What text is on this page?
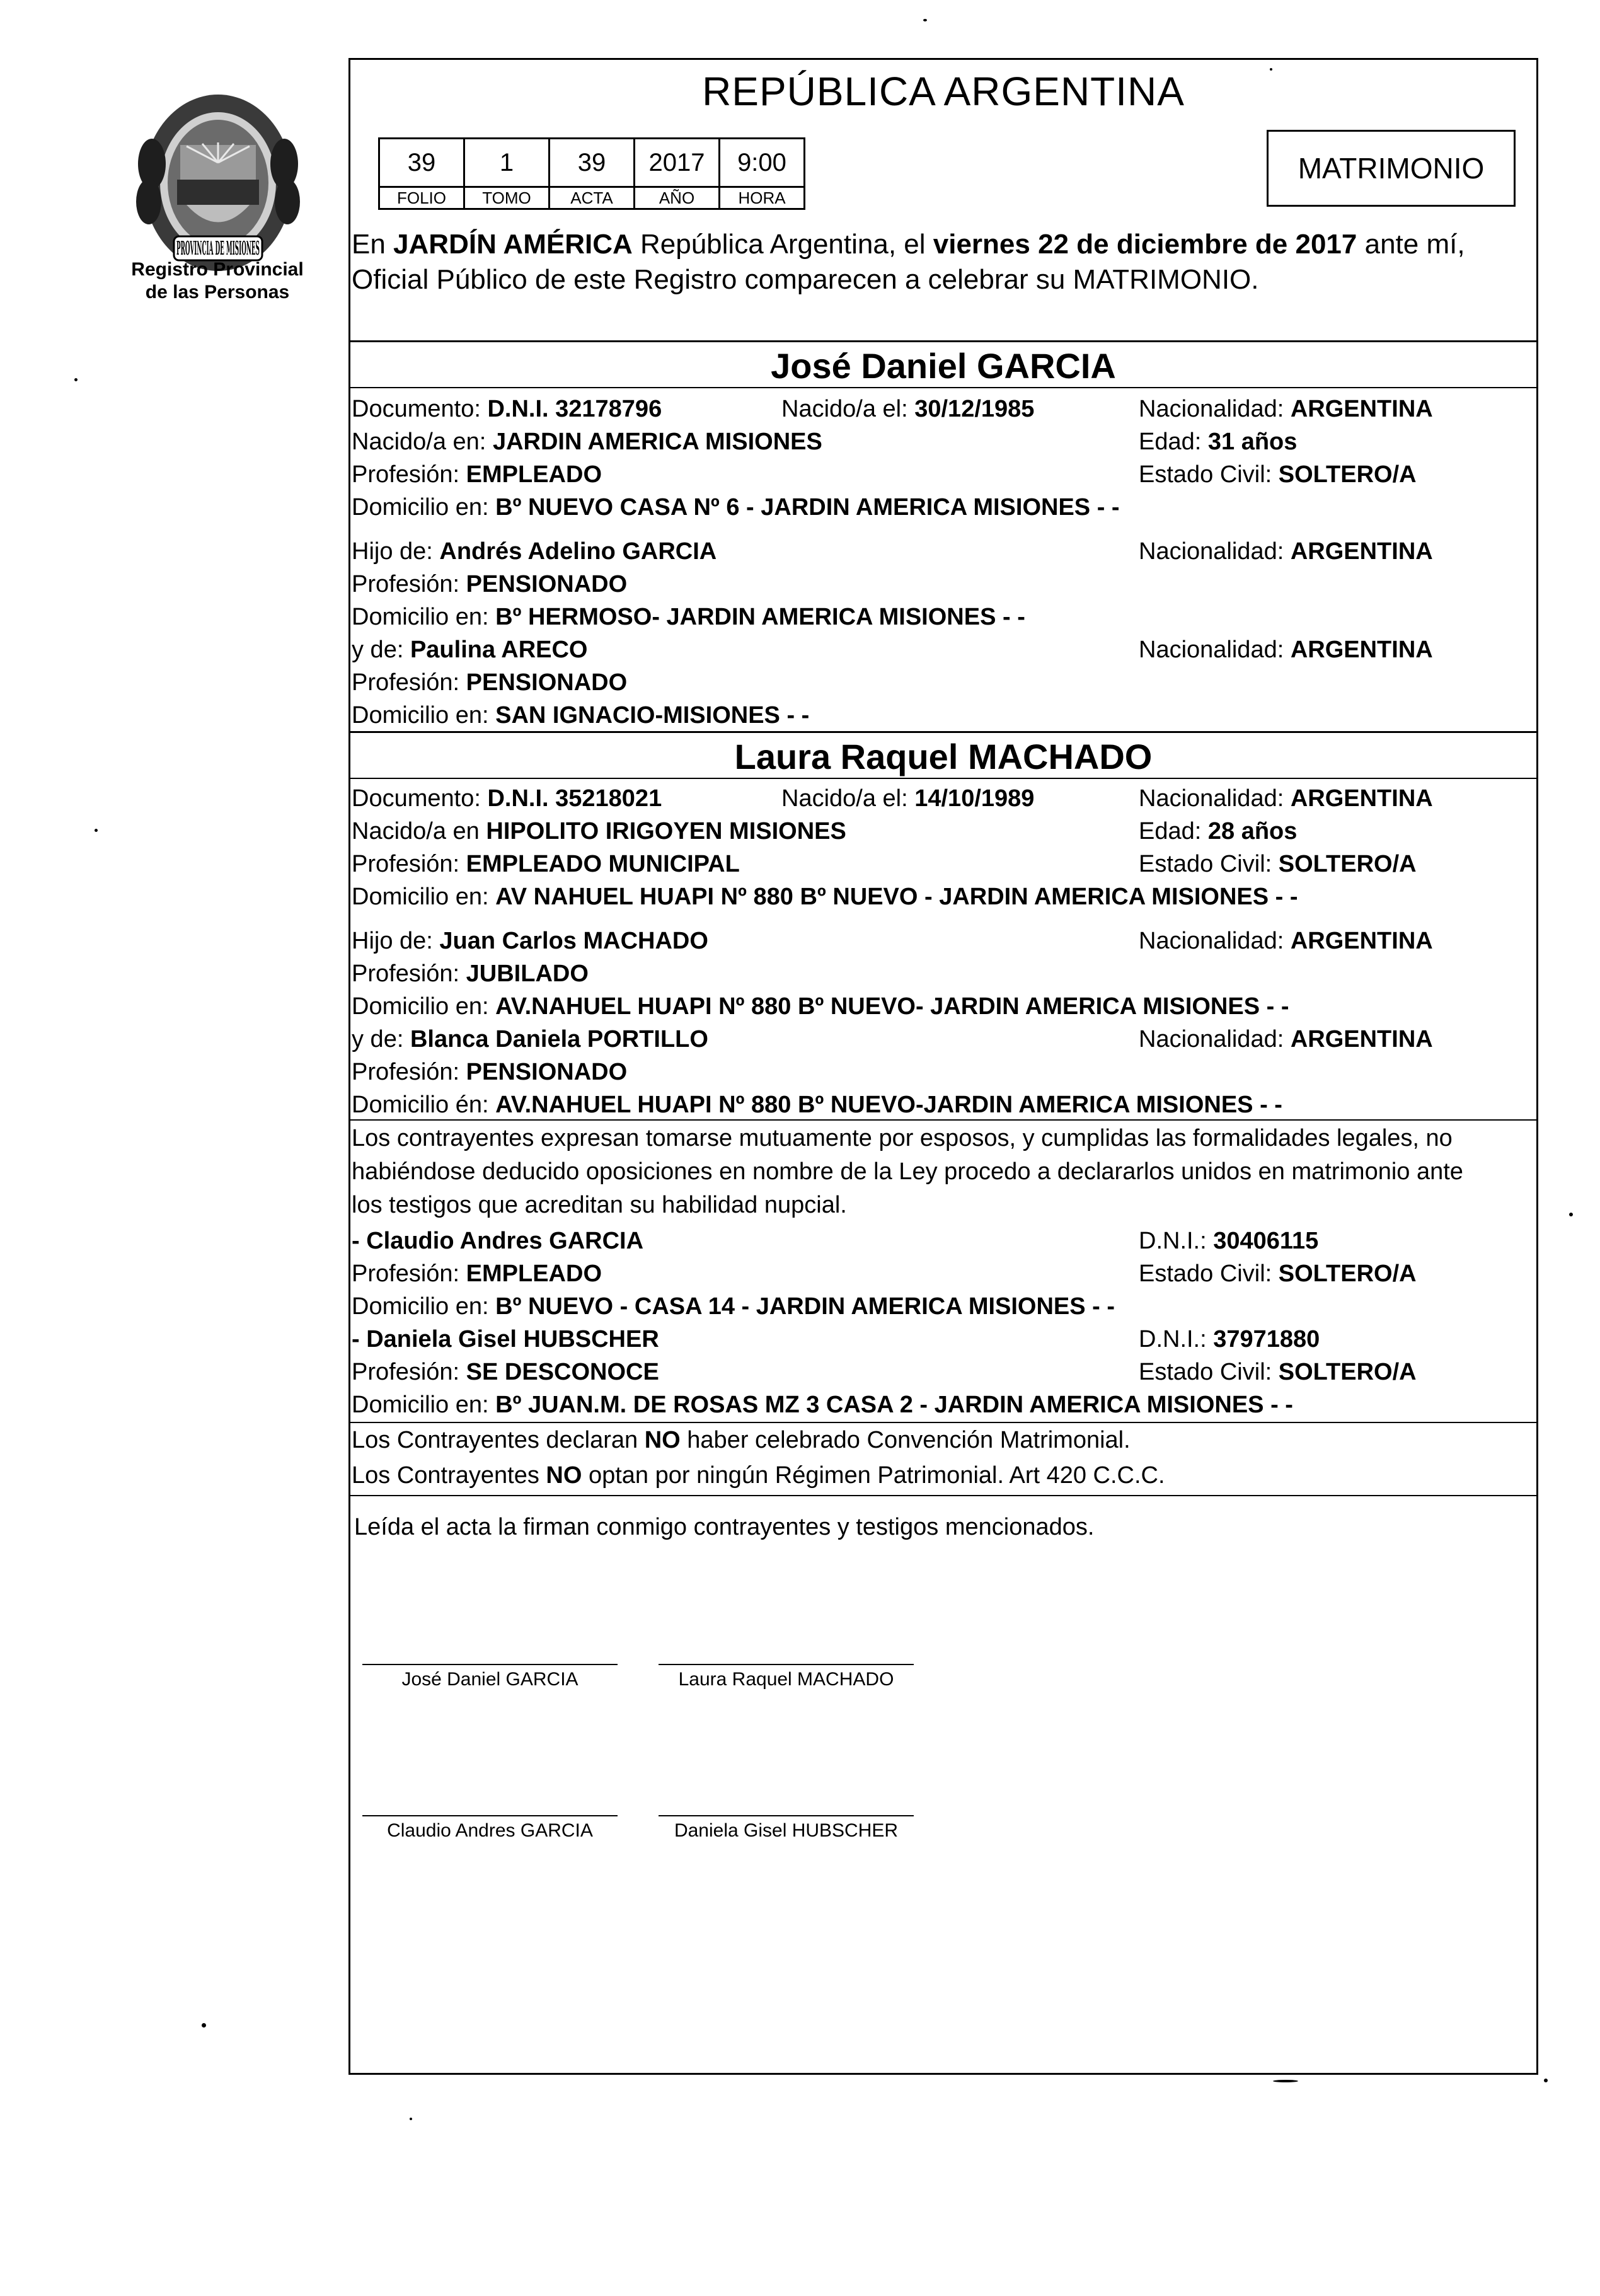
PROVINCIA DE MISIONES
Registro Provincial
de las Personas
REPÚBLICA ARGENTINA
39	1	39	2017	9:00
FOLIO	TOMO	ACTA	AÑO	HORA
MATRIMONIO
En JARDÍN AMÉRICA República Argentina, el viernes 22 de diciembre de 2017 ante mí,
Oficial Público de este Registro comparecen a celebrar su MATRIMONIO.
José Daniel GARCIA
Documento: D.N.I. 32178796	Nacido/a el: 30/12/1985	Nacionalidad: ARGENTINA
Nacido/a en: JARDIN AMERICA MISIONES	Edad: 31 años
Profesión: EMPLEADO	Estado Civil: SOLTERO/A
Domicilio en: Bº NUEVO CASA Nº 6 - JARDIN AMERICA MISIONES - -
Hijo de: Andrés Adelino GARCIA	Nacionalidad: ARGENTINA
Profesión: PENSIONADO
Domicilio en: Bº HERMOSO- JARDIN AMERICA MISIONES - -
y de: Paulina ARECO	Nacionalidad: ARGENTINA
Profesión: PENSIONADO
Domicilio en: SAN IGNACIO-MISIONES - -
Laura Raquel MACHADO
Documento: D.N.I. 35218021	Nacido/a el: 14/10/1989	Nacionalidad: ARGENTINA
Nacido/a en HIPOLITO IRIGOYEN MISIONES	Edad: 28 años
Profesión: EMPLEADO MUNICIPAL	Estado Civil: SOLTERO/A
Domicilio en: AV NAHUEL HUAPI Nº 880 Bº NUEVO - JARDIN AMERICA MISIONES - -
Hijo de: Juan Carlos MACHADO	Nacionalidad: ARGENTINA
Profesión: JUBILADO
Domicilio en: AV.NAHUEL HUAPI Nº 880 Bº NUEVO- JARDIN AMERICA MISIONES - -
y de: Blanca Daniela PORTILLO	Nacionalidad: ARGENTINA
Profesión: PENSIONADO
Domicilio én: AV.NAHUEL HUAPI Nº 880 Bº NUEVO-JARDIN AMERICA MISIONES - -
Los contrayentes expresan tomarse mutuamente por esposos, y cumplidas las formalidades legales, no
habiéndose deducido oposiciones en nombre de la Ley procedo a declararlos unidos en matrimonio ante
los testigos que acreditan su habilidad nupcial.
- Claudio Andres GARCIA	D.N.I.: 30406115
Profesión: EMPLEADO	Estado Civil: SOLTERO/A
Domicilio en: Bº NUEVO - CASA 14 - JARDIN AMERICA MISIONES - -
- Daniela Gisel HUBSCHER	D.N.I.: 37971880
Profesión: SE DESCONOCE	Estado Civil: SOLTERO/A
Domicilio en: Bº JUAN.M. DE ROSAS MZ 3 CASA 2 - JARDIN AMERICA MISIONES - -
Los Contrayentes declaran NO haber celebrado Convención Matrimonial.
Los Contrayentes NO optan por ningún Régimen Patrimonial. Art 420 C.C.C.
Leída el acta la firman conmigo contrayentes y testigos mencionados.
José Daniel GARCIA	Laura Raquel MACHADO
Claudio Andres GARCIA	Daniela Gisel HUBSCHER
